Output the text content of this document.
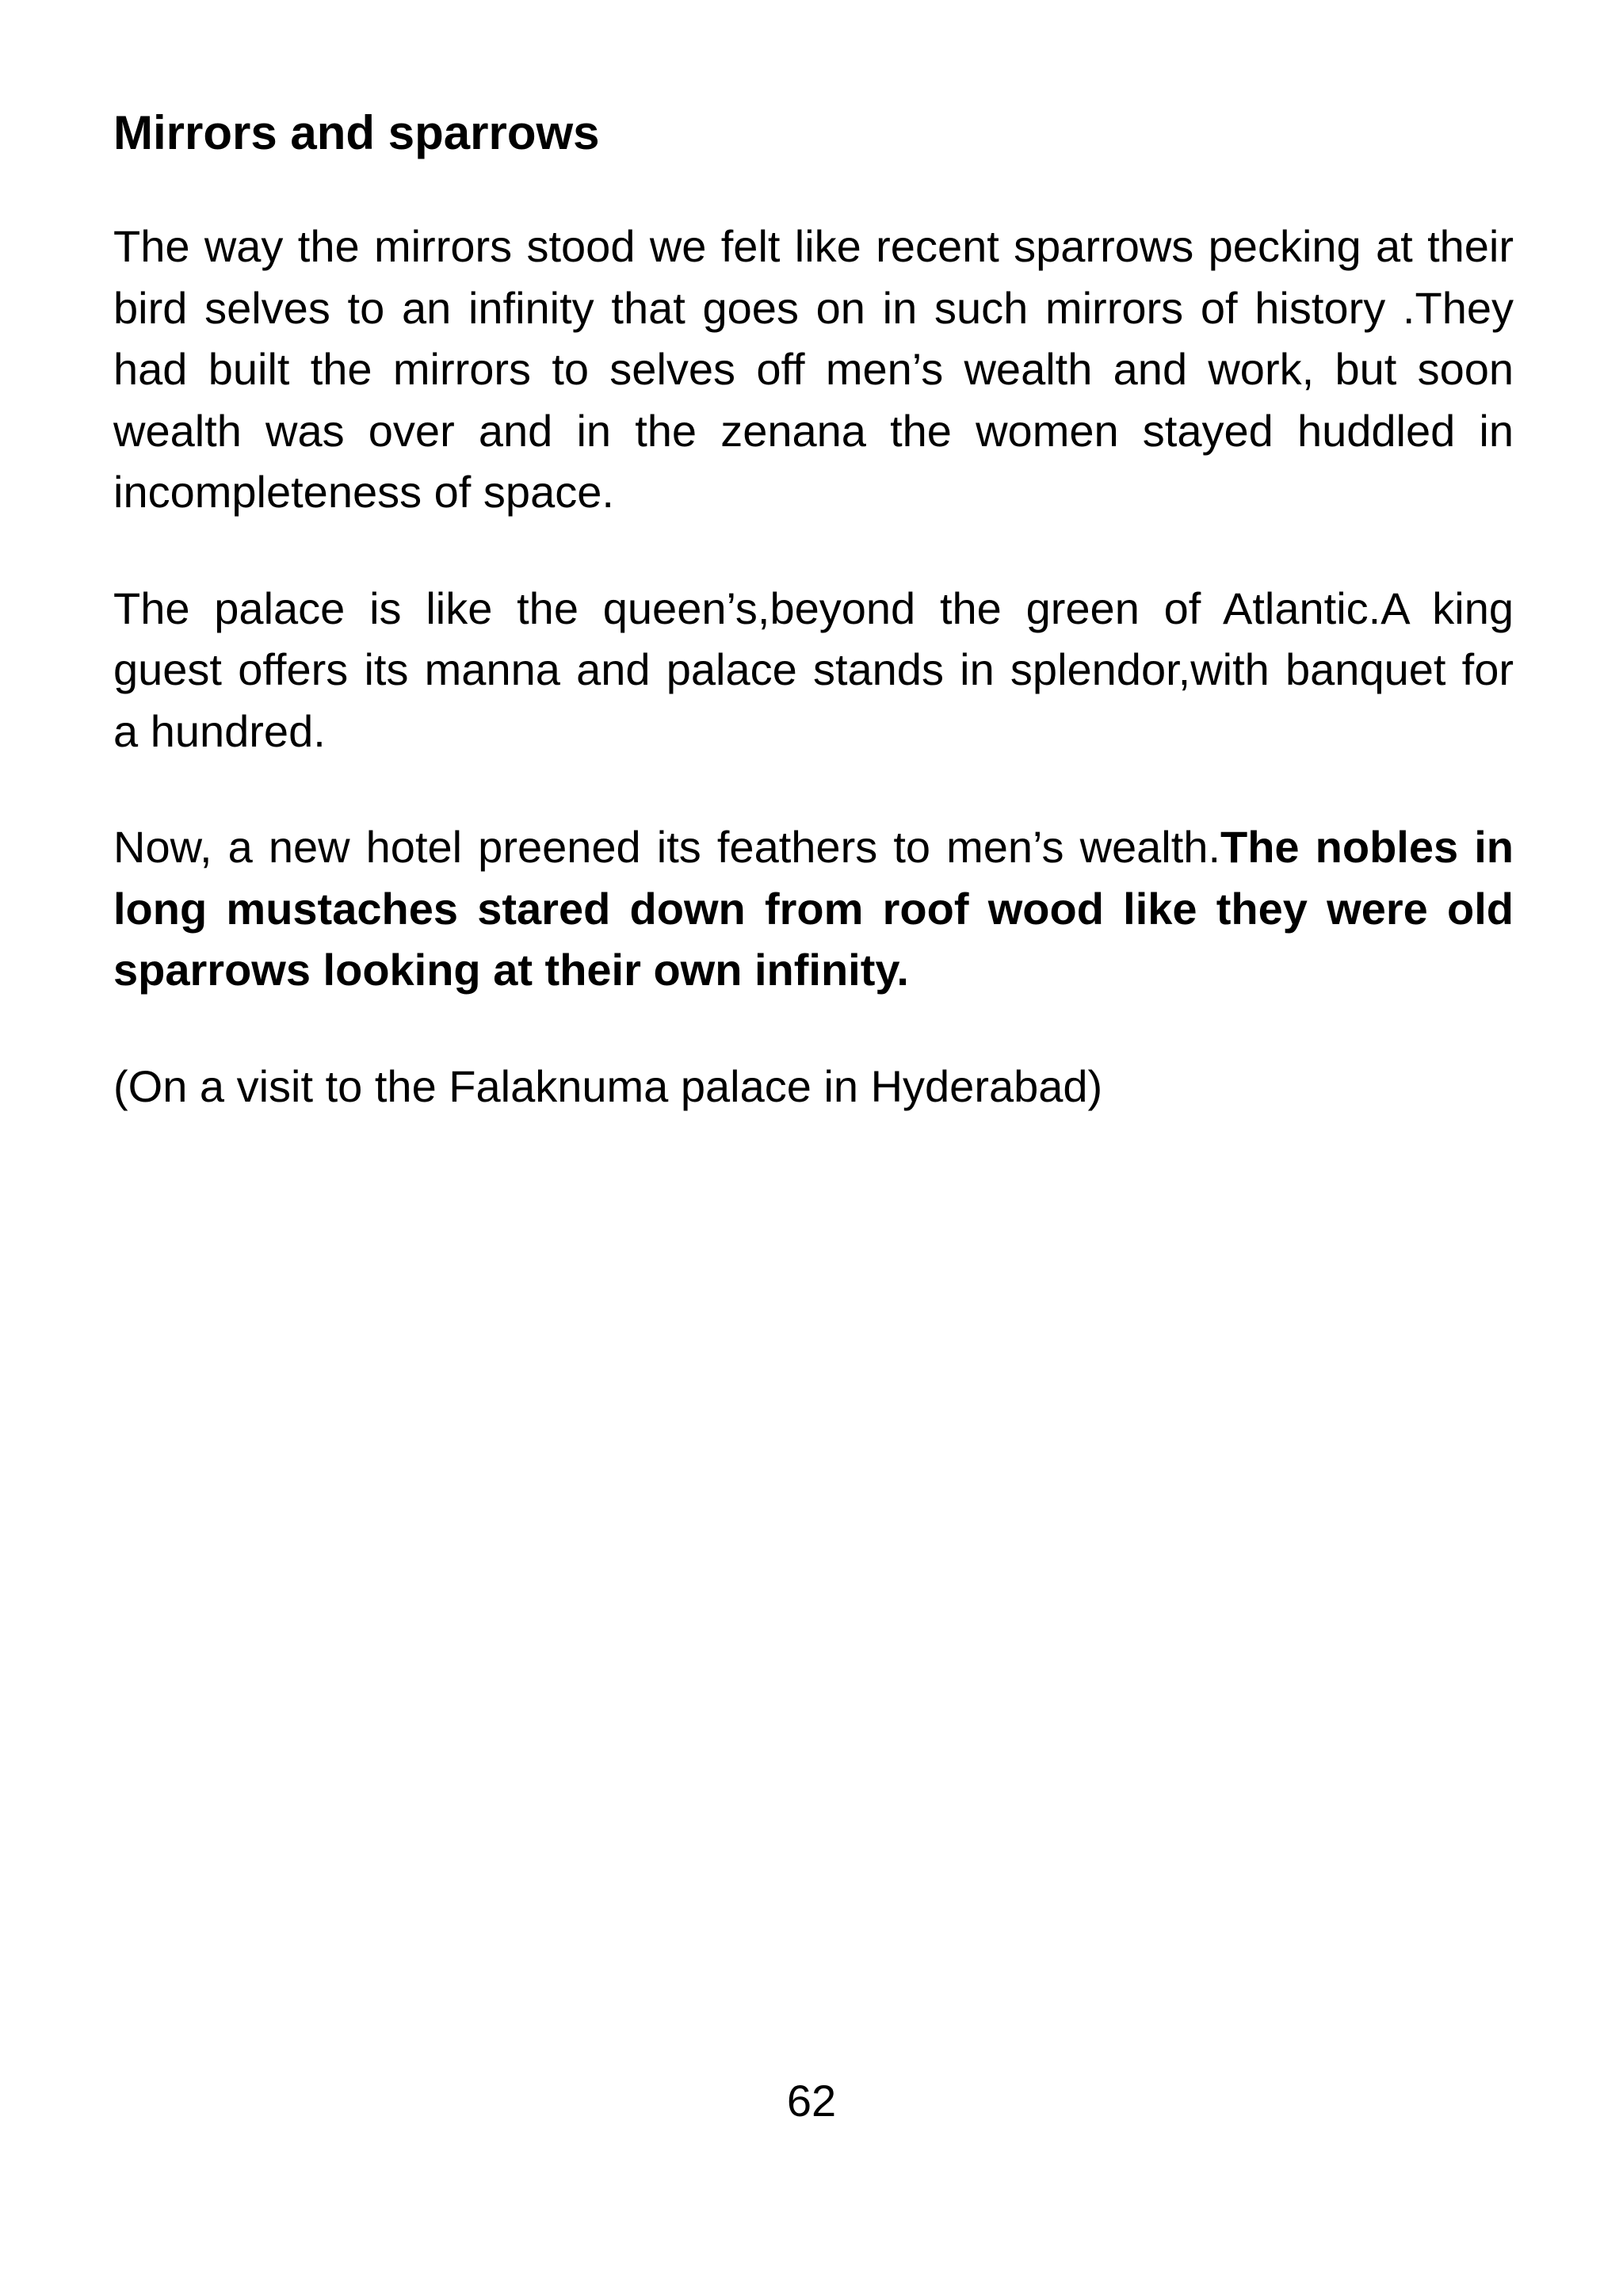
Mirrors and sparrows

The way the mirrors stood we felt like recent sparrows pecking at their bird selves to an infinity that goes on in such mirrors of history .They had built the mirrors to selves off men’s wealth and work, but soon wealth was over and in the zenana the women stayed huddled in incompleteness of space.

The palace is like the queen’s,beyond the green of Atlantic.A king guest offers its manna and palace stands in splendor,with banquet for a hundred.

Now, a new hotel preened its feathers to men’s wealth.The nobles in long mustaches stared down from roof wood like they were old sparrows looking at their own infinity.

(On a visit to the Falaknuma palace in Hyderabad)

62
